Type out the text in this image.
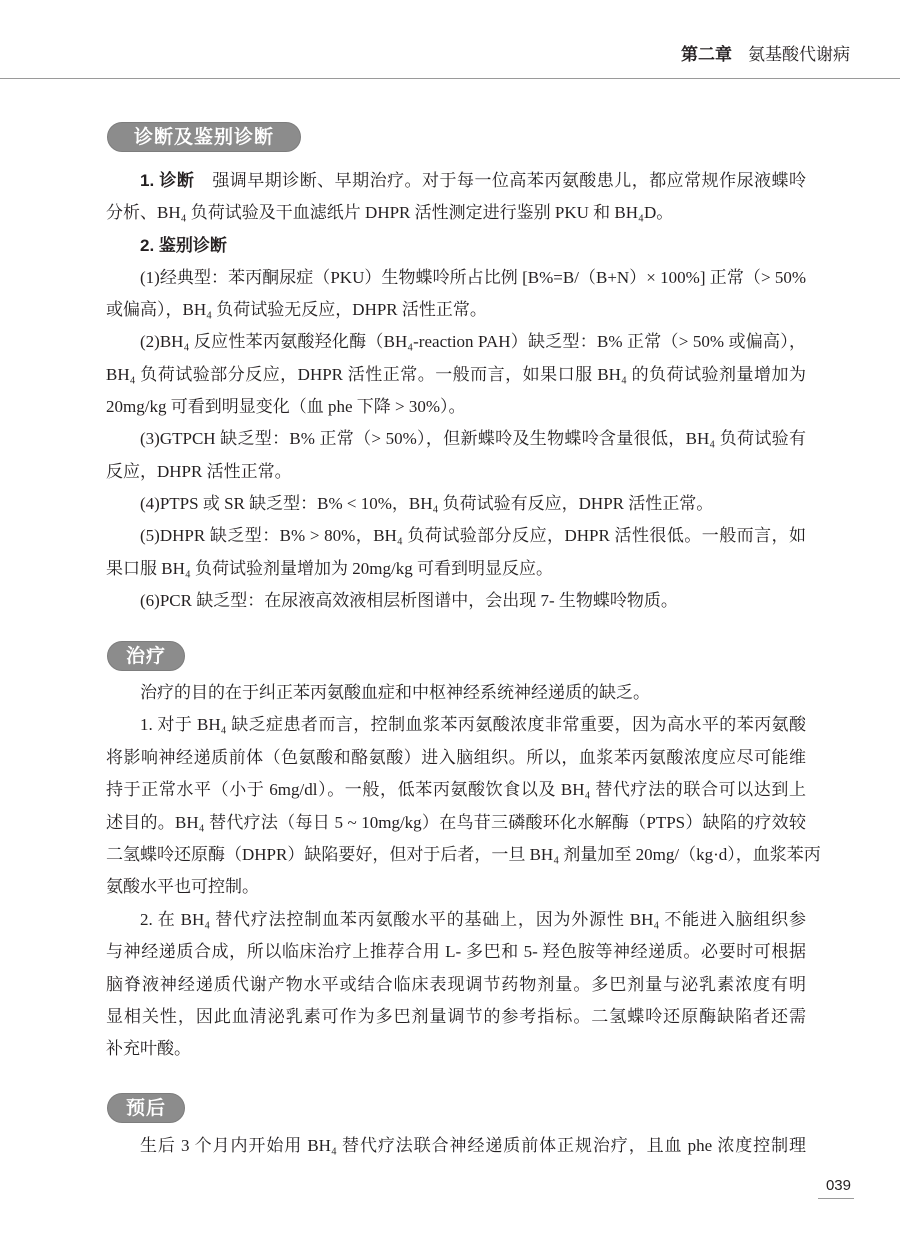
第二章 氨基酸代谢病
诊断及鉴别诊断
1. 诊断 强调早期诊断、早期治疗。对于每一位高苯丙氨酸患儿，都应常规作尿液蝶呤
分析、BH₄ 负荷试验及干血滤纸片 DHPR 活性测定进行鉴别 PKU 和 BH₄D。
2. 鉴别诊断
(1)经典型：苯丙酮尿症（PKU）生物蝶呤所占比例 [B%=B/（B+N）× 100%] 正常（> 50%
或偏高），BH₄ 负荷试验无反应，DHPR 活性正常。
(2)BH₄ 反应性苯丙氨酸羟化酶（BH₄-reaction PAH）缺乏型：B% 正常（> 50% 或偏高），
BH₄ 负荷试验部分反应，DHPR 活性正常。一般而言，如果口服 BH₄ 的负荷试验剂量增加为
20mg/kg 可看到明显变化（血 phe 下降 > 30%）。
(3)GTPCH 缺乏型：B% 正常（> 50%），但新蝶呤及生物蝶呤含量很低，BH₄ 负荷试验有
反应，DHPR 活性正常。
(4)PTPS 或 SR 缺乏型：B% < 10%，BH₄ 负荷试验有反应，DHPR 活性正常。
(5)DHPR 缺乏型：B% > 80%，BH₄ 负荷试验部分反应，DHPR 活性很低。一般而言，如
果口服 BH₄ 负荷试验剂量增加为 20mg/kg 可看到明显反应。
(6)PCR 缺乏型：在尿液高效液相层析图谱中，会出现 7- 生物蝶呤物质。
治疗
治疗的目的在于纠正苯丙氨酸血症和中枢神经系统神经递质的缺乏。
1. 对于 BH₄ 缺乏症患者而言，控制血浆苯丙氨酸浓度非常重要，因为高水平的苯丙氨酸
将影响神经递质前体（色氨酸和酪氨酸）进入脑组织。所以，血浆苯丙氨酸浓度应尽可能维
持于正常水平（小于 6mg/dl）。一般，低苯丙氨酸饮食以及 BH₄ 替代疗法的联合可以达到上
述目的。BH₄ 替代疗法（每日 5 ~ 10mg/kg）在鸟苷三磷酸环化水解酶（PTPS）缺陷的疗效较
二氢蝶呤还原酶（DHPR）缺陷要好，但对于后者，一旦 BH₄ 剂量加至 20mg/（kg·d），血浆苯丙
氨酸水平也可控制。
2. 在 BH₄ 替代疗法控制血苯丙氨酸水平的基础上，因为外源性 BH₄ 不能进入脑组织参
与神经递质合成，所以临床治疗上推荐合用 L- 多巴和 5- 羟色胺等神经递质。必要时可根据
脑脊液神经递质代谢产物水平或结合临床表现调节药物剂量。多巴剂量与泌乳素浓度有明
显相关性，因此血清泌乳素可作为多巴剂量调节的参考指标。二氢蝶呤还原酶缺陷者还需
补充叶酸。
预后
生后 3 个月内开始用 BH₄ 替代疗法联合神经递质前体正规治疗，且血 phe 浓度控制理
039
